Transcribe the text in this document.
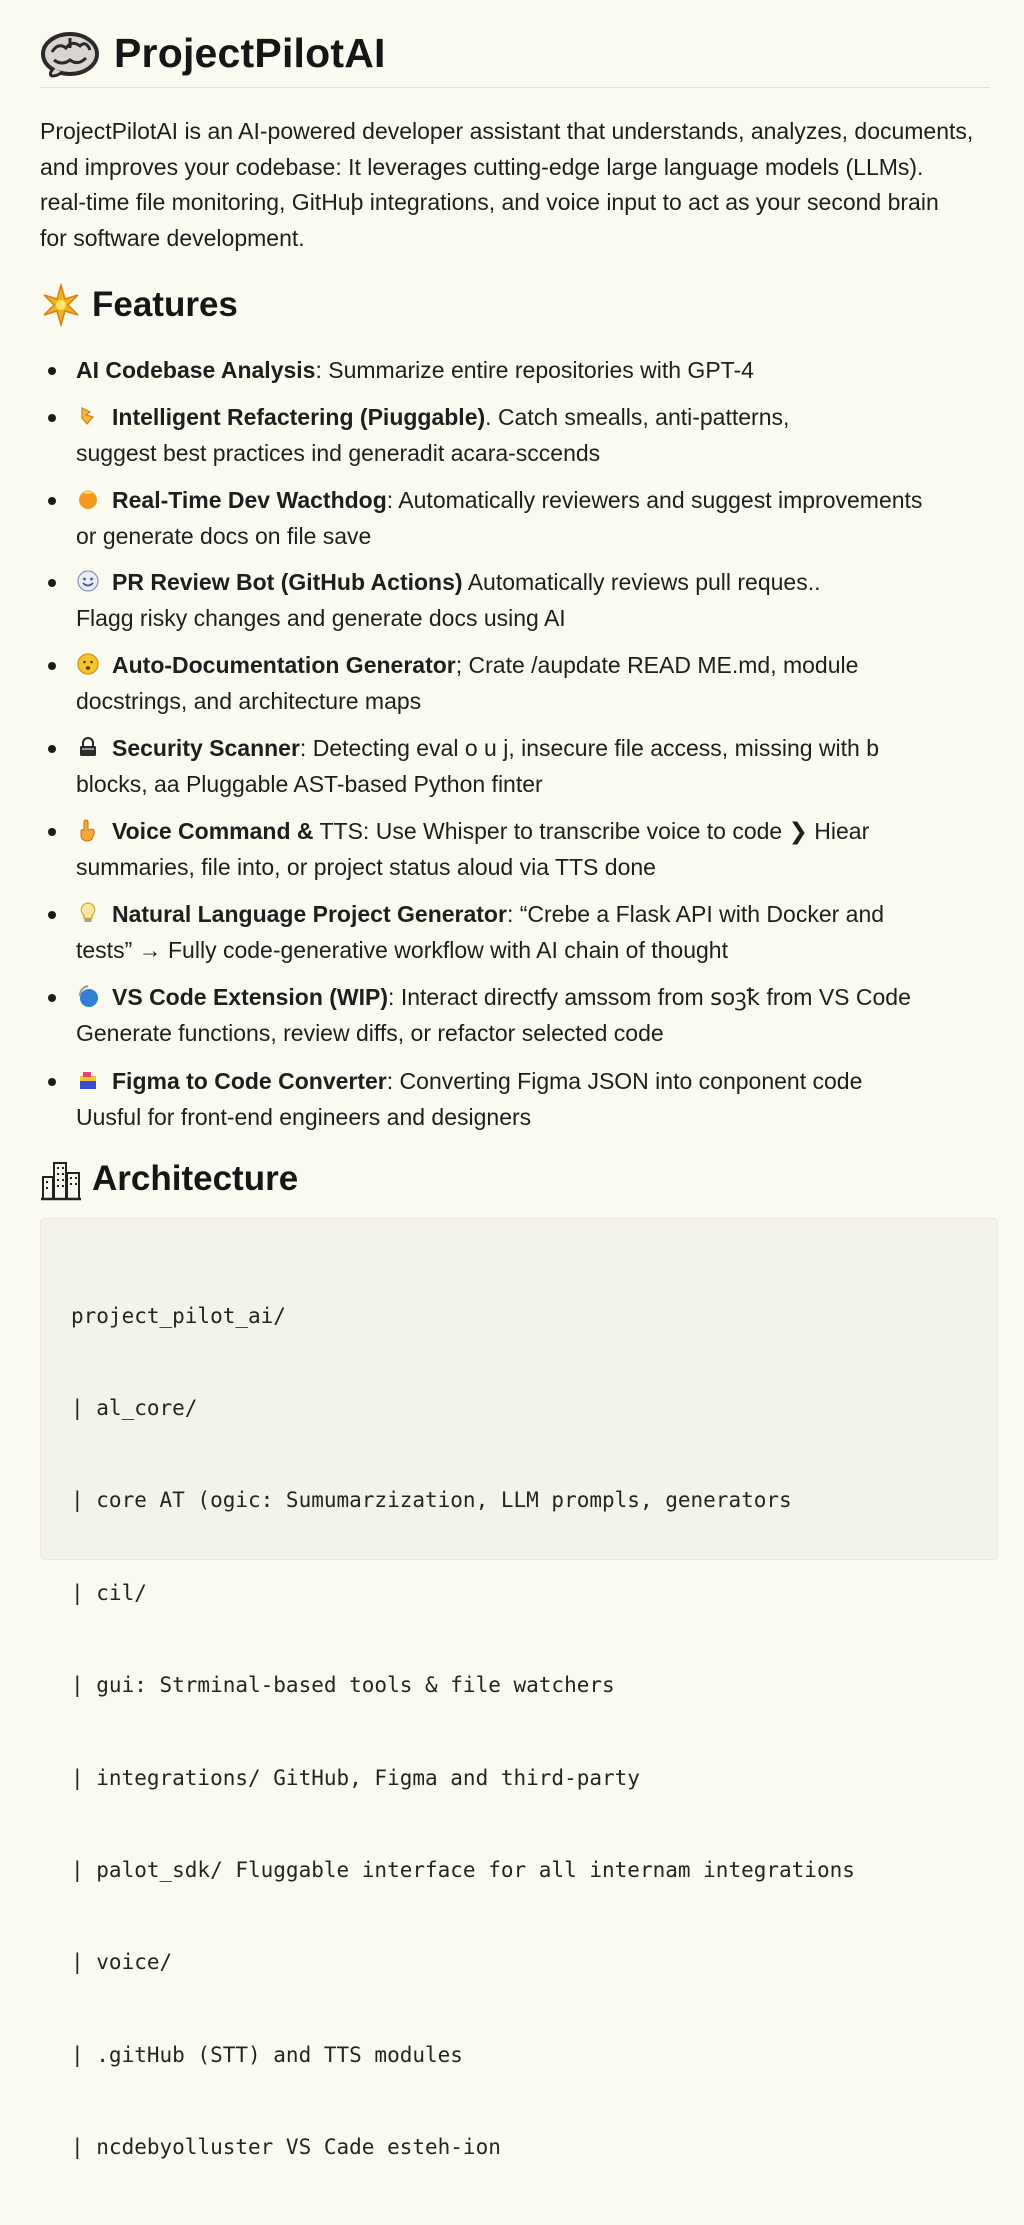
ProjectPilotAI

ProjectPilotAI is an AI-powered developer assistant that understands, analyzes, documents,
and improves your codebase: It leverages cutting-edge large language models (LLMs).
real-time file monitoring, GitHuþ integrations, and voice input to act as your second brain
for software development.

Features
AI Codebase Analysis: Summarize entire repositories with GPT-4
Intelligent Refactering (Piuggable). Catch smealls, anti-patterns,
suggest best practices ind generadit acara-sccends
Real-Time Dev Wacthdog: Automatically reviewers and suggest improvements
or generate docs on file save
PR Review Bot (GitHub Actions) Automatically reviews pull reques..
Flagg risky changes and generate docs using AI
Auto-Documentation Generator; Crate /aupdate READ ME.md, module
docstrings, and architecture maps
Security Scanner: Detecting eval o u j, insecure file access, missing with b
blocks, aa Pluggable AST-based Python finter
Voice Command & TTS: Use Whisper to transcribe voice to code ❯ Hiear
summaries, file into, or project status aloud via TTS done
Natural Language Project Generator: “Crebe a Flask API with Docker and
tests” → Fully code-generative workflow with AI chain of thought
VS Code Extension (WIP): Interact directfy amssom from ꜱoꝫꝁ from VS Code
Generate functions, review diffs, or refactor selected code
Figma to Code Converter: Converting Figma JSON into conponent code
Uusful for front-end engineers and designers
Architecture

project_pilot_ai/

| al_core/

| core AT (ogic: Sumumarzization, LLM prompls, generators

| cil/

| gui: Strminal-based tools & file watchers

| integrations/ GitHub, Figma and third-party

| palot_sdk/ Fluggable interface for all internam integrations

| voice/

| .gitHub (STT) and TTS modules

| ncdebyolluster VS Cade esteh-ion
